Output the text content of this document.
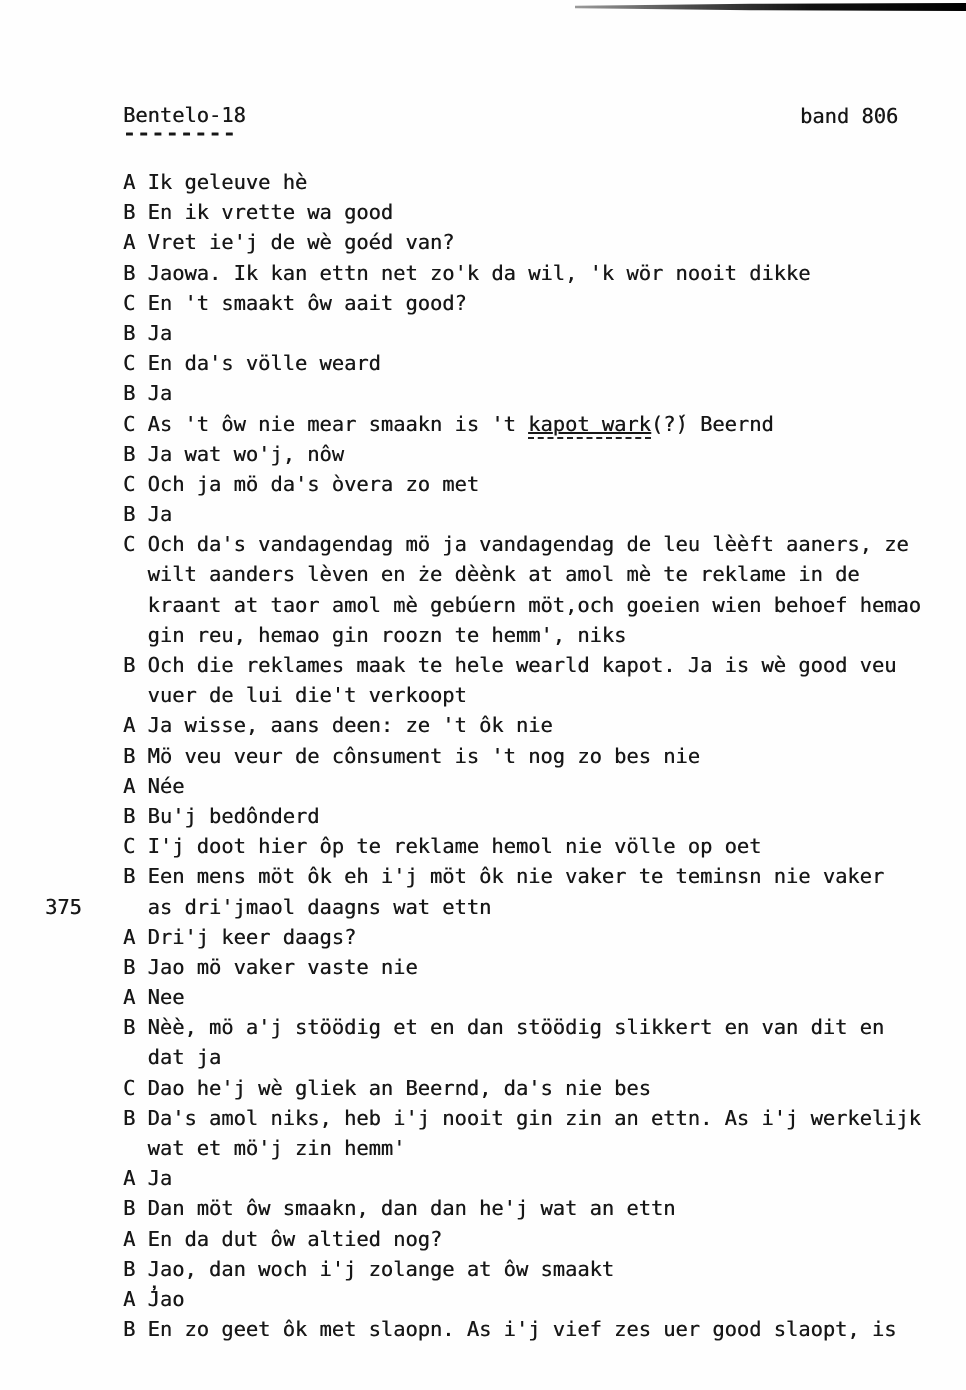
Bentelo-18
--------
band 806
A Ik geleuve hè
B En ik vrette wa good
A Vret ie'j de wè goéd van?
B Jaowa. Ik kan ettn net zo'k da wil, 'k wör nooit dikke
C En 't smaakt ôw aait good?
B Ja
C En da's völle weard
B Ja
C As 't ôw nie mear smaakn is 't kapot wark(?́) Beernd
B Ja wat wo'j, nôw
C Och ja mö da's òvera zo met
B Ja
C Och da's vandagendag mö ja vandagendag de leu lèèft aaners, ze
wilt aanders lèven en że dèènk at amol mè te reklame in de
kraant at taor amol mè gebúern möt,och goeien wien behoef hemao
gin reu, hemao gin roozn te hemm', niks
B Och die reklames maak te hele wearld kapot. Ja is wè good veu
vuer de lui die't verkoopt
A Ja wisse, aans deen: ze 't ôk nie
B Mö veu veur de cônsument is 't nog zo bes nie
A Née
B Bu'j bedônderd
C I'j doot hier ôp te reklame hemol nie völle op oet
B Een mens möt ôk eh i'j möt ôk nie vaker te teminsn nie vaker
375 as dri'jmaol daagns wat ettn
A Dri'j keer daags?
B Jao mö vaker vaste nie
A Nee
B Nèè, mö a'j stöödig et en dan stöödig slikkert en van dit en
dat ja
C Dao he'j wè gliek an Beernd, da's nie bes
B Da's amol niks, heb i'j nooit gin zin an ettn. As i'j werkelijk
wat et mö'j zin hemm'
A Ja
B Dan möt ôw smaakn, dan dan he'j wat an ettn
A En da dut ôw altied nog?
B Jao, dan woch i'j zolange at ôw smaakt
A J̓ao
B En zo geet ôk met slaopn. As i'j vief zes uer good slaopt, is
